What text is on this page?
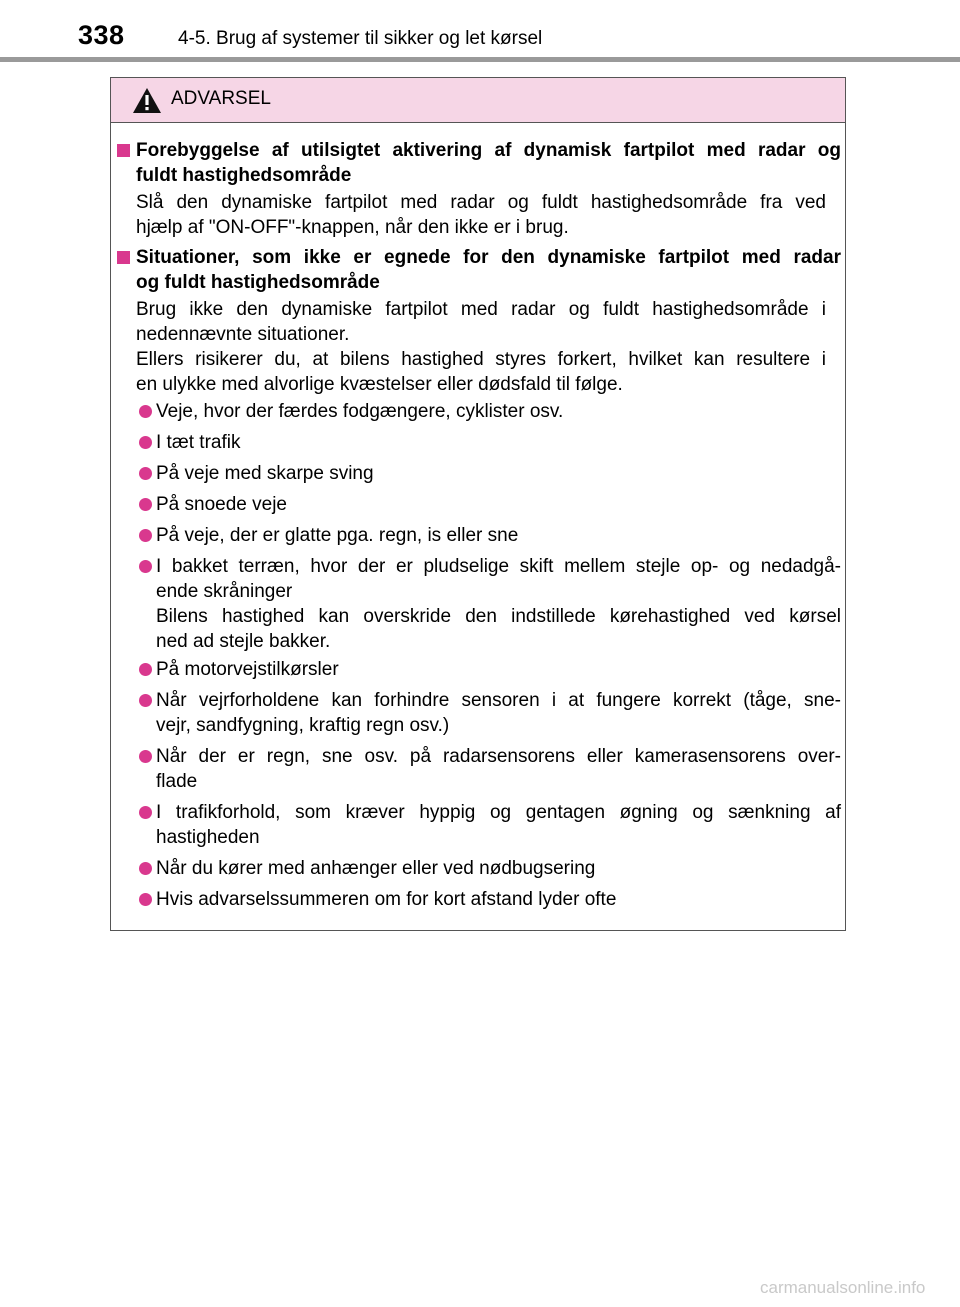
338	4-5. Brug af systemer til sikker og let kørsel
ADVARSEL
Forebyggelse af utilsigtet aktivering af dynamisk fartpilot med radar og
fuldt hastighedsområde
Slå den dynamiske fartpilot med radar og fuldt hastighedsområde fra ved
hjælp af "ON-OFF"-knappen, når den ikke er i brug.
Situationer, som ikke er egnede for den dynamiske fartpilot med radar
og fuldt hastighedsområde
Brug ikke den dynamiske fartpilot med radar og fuldt hastighedsområde i
nedennævnte situationer.
Ellers risikerer du, at bilens hastighed styres forkert, hvilket kan resultere i
en ulykke med alvorlige kvæstelser eller dødsfald til følge.
Veje, hvor der færdes fodgængere, cyklister osv.
I tæt trafik
På veje med skarpe sving
På snoede veje
På veje, der er glatte pga. regn, is eller sne
I bakket terræn, hvor der er pludselige skift mellem stejle op- og nedadgå-
ende skråninger
Bilens hastighed kan overskride den indstillede kørehastighed ved kørsel
ned ad stejle bakker.
På motorvejstilkørsler
Når vejrforholdene kan forhindre sensoren i at fungere korrekt (tåge, sne-
vejr, sandfygning, kraftig regn osv.)
Når der er regn, sne osv. på radarsensorens eller kamerasensorens over-
flade
I trafikforhold, som kræver hyppig og gentagen øgning og sænkning af
hastigheden
Når du kører med anhænger eller ved nødbugsering
Hvis advarselssummeren om for kort afstand lyder ofte
carmanualsonline.info
